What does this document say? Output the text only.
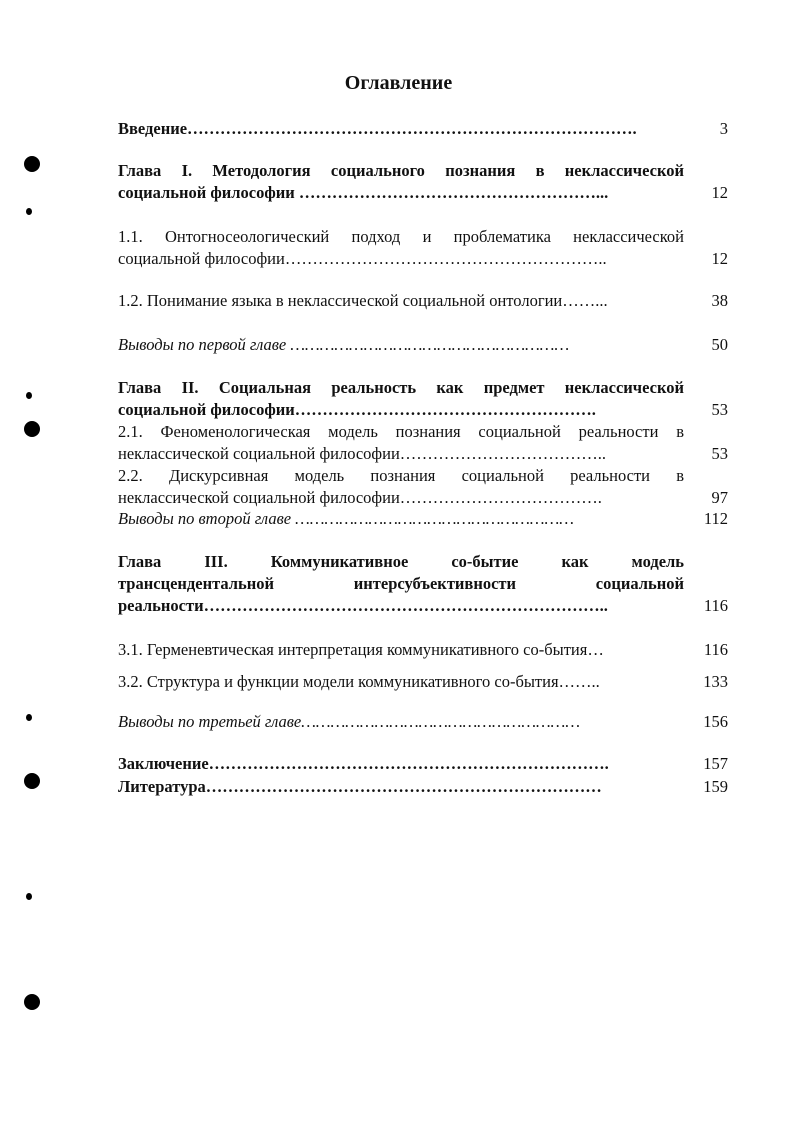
Оглавление
Введение……………………………………………………………………….	3
Глава I. Методология социального познания в неклассической
социальной философии ………………………………………………...	12
1.1. Онтогносеологический подход и проблематика неклассической
социальной философии…………………………………………………..	12
1.2. Понимание языка в неклассической социальной онтологии……...	38
Выводы по первой главе …………………………………………………	50
Глава II. Социальная реальность как предмет неклассической
социальной философии……………………………………………….	53
2.1. Феноменологическая модель познания социальной реальности в
неклассической социальной философии………………………………..	53
2.2. Дискурсивная модель познания социальной реальности в
неклассической социальной философии……………………………….	97
Выводы по второй главе …………………………………………………	112
Глава III. Коммуникативное со-бытие как модель
трансцендентальной интерсубъективности социальной
реальности………………………………………………………………..	116
3.1. Герменевтическая интерпретация коммуникативного со-бытия…	116
3.2. Структура и функции модели коммуникативного со-бытия……..	133
Выводы по третьей главе…………………………………………………	156
Заключение……………………………………………………………….	157
Литература………………………………………………………………	159
